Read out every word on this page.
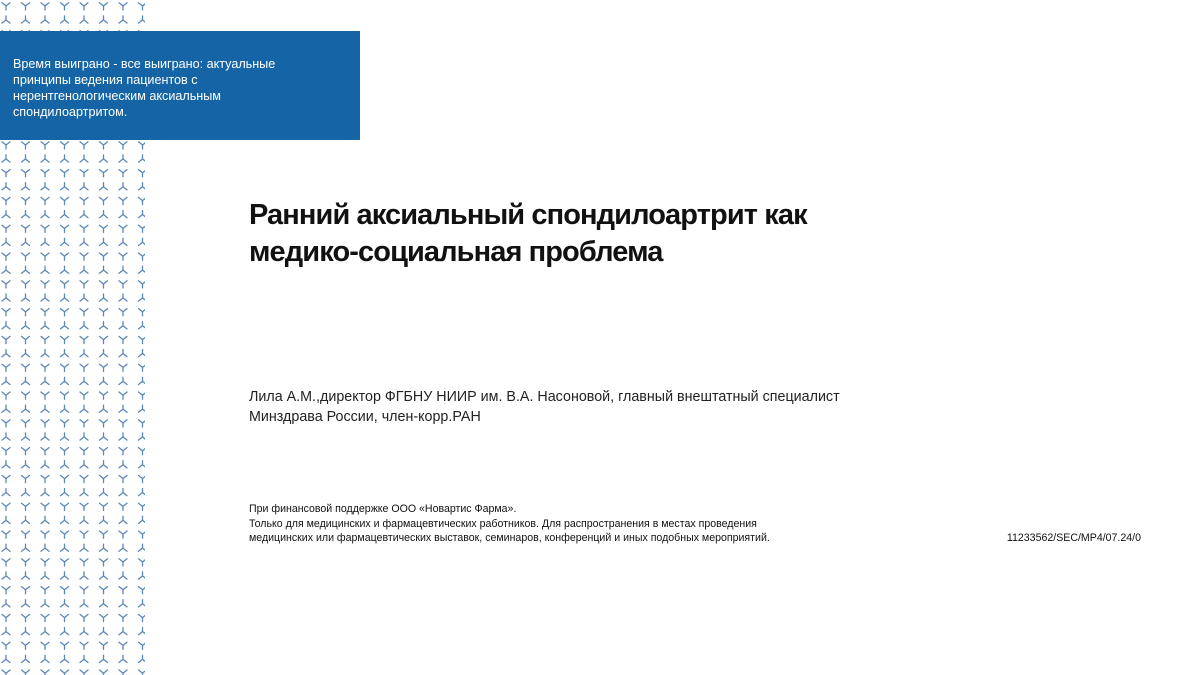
Время выиграно - все выиграно: актуальные принципы ведения пациентов с нерентгенологическим аксиальным спондилоартритом.

Ранний аксиальный спондилоартрит как
медико-социальная проблема

Лила А.М.,директор ФГБНУ НИИР им. В.А. Насоновой, главный внештатный специалист
Минздрава России, член-корр.РАН

При финансовой поддержке ООО «Новартис Фарма».
Только для медицинских и фармацевтических работников. Для распространения в местах проведения
медицинских или фармацевтических выставок, семинаров, конференций и иных подобных мероприятий.	11233562/SEC/MP4/07.24/0
